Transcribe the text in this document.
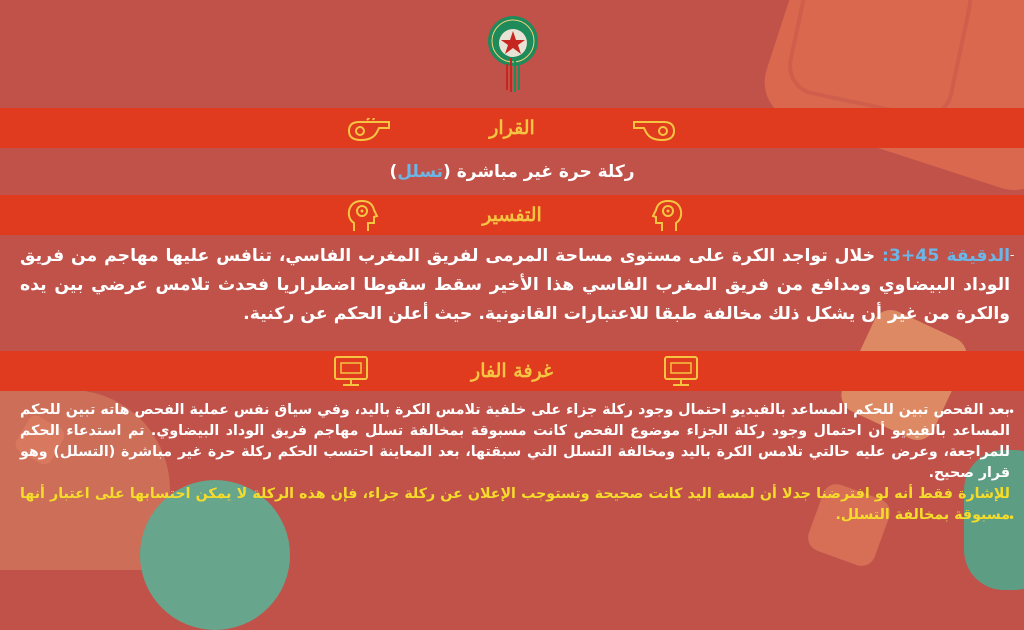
القرار
ركلة حرة غير مباشرة (تسلل)
التفسير
-
الدقيقة 45+3: خلال تواجد الكرة على مستوى مساحة المرمى لفريق المغرب الفاسي، تنافس عليها مهاجم من فريق الوداد البيضاوي ومدافع من فريق المغرب الفاسي هذا الأخير سقط سقوطا اضطراريا فحدث تلامس عرضي بين يده والكرة من غير أن يشكل ذلك مخالفة طبقا للاعتبارات القانونية. حيث أعلن الحكم عن ركنية.
غرفة الفار
•
•
بعد الفحص تبين للحكم المساعد بالفيديو احتمال وجود ركلة جزاء على خلفية تلامس الكرة باليد، وفي سياق نفس عملية الفحص هاته تبين للحكم المساعد بالفيديو أن احتمال وجود ركلة الجزاء موضوع الفحص كانت مسبوقة بمخالفة تسلل مهاجم فريق الوداد البيضاوي. تم استدعاء الحكم للمراجعة، وعرض عليه حالتي تلامس الكرة باليد ومخالفة التسلل التي سبقتها، بعد المعاينة احتسب الحكم ركلة حرة غير مباشرة (التسلل) وهو قرار صحيح.
للإشارة فقط أنه لو افترضنا جدلا أن لمسة اليد كانت صحيحة وتستوجب الإعلان عن ركلة جزاء، فإن هذه الركلة لا يمكن احتسابها على اعتبار أنها مسبوقة بمخالفة التسلل.
